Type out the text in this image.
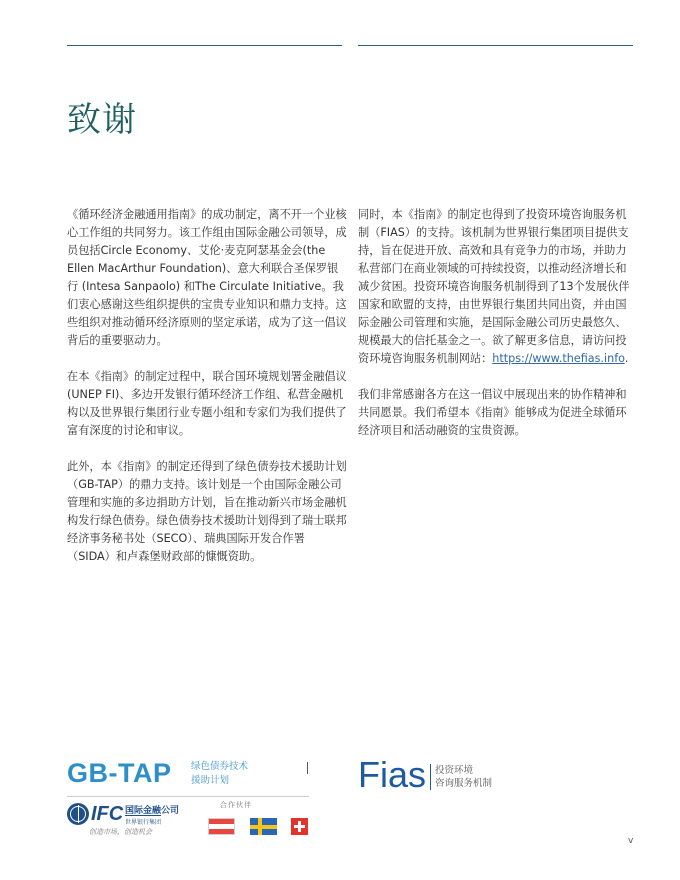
致谢

《循环经济金融通用指南》的成功制定，离不开一个业核心工作组的共同努力。该工作组由国际金融公司领导，成员包括Circle Economy、艾伦·麦克阿瑟基金会(the Ellen MacArthur Foundation)、意大利联合圣保罗银行 (Intesa Sanpaolo) 和The Circulate Initiative。我们衷心感谢这些组织提供的宝贵专业知识和鼎力支持。这些组织对推动循环经济原则的坚定承诺，成为了这一倡议背后的重要驱动力。

在本《指南》的制定过程中，联合国环境规划署金融倡议 (UNEP FI)、多边开发银行循环经济工作组、私营金融机构以及世界银行集团行业专题小组和专家们为我们提供了富有深度的讨论和审议。

此外，本《指南》的制定还得到了绿色债券技术援助计划（GB-TAP）的鼎力支持。该计划是一个由国际金融公司管理和实施的多边捐助方计划，旨在推动新兴市场金融机构发行绿色债券。绿色债券技术援助计划得到了瑞士联邦经济事务秘书处（SECO）、瑞典国际开发合作署（SIDA）和卢森堡财政部的慷慨资助。

同时，本《指南》的制定也得到了投资环境咨询服务机制（FIAS）的支持。该机制为世界银行集团项目提供支持，旨在促进开放、高效和具有竞争力的市场，并助力私营部门在商业领域的可持续投资，以推动经济增长和减少贫困。投资环境咨询服务机制得到了13个发展伙伴国家和欧盟的支持，由世界银行集团共同出资，并由国际金融公司管理和实施，是国际金融公司历史最悠久、规模最大的信托基金之一。欲了解更多信息，请访问投资环境咨询服务机制网站：https://www.thefias.info.

我们非常感谢各方在这一倡议中展现出来的协作精神和共同愿景。我们希望本《指南》能够成为促进全球循环经济项目和活动融资的宝贵资源。

GB-TAP 绿色债券技术
援助计划
IFC 国际金融公司
世界银行集团
创造市场，创造机会
合作伙伴
Fias 投资环境
咨询服务机制
v
